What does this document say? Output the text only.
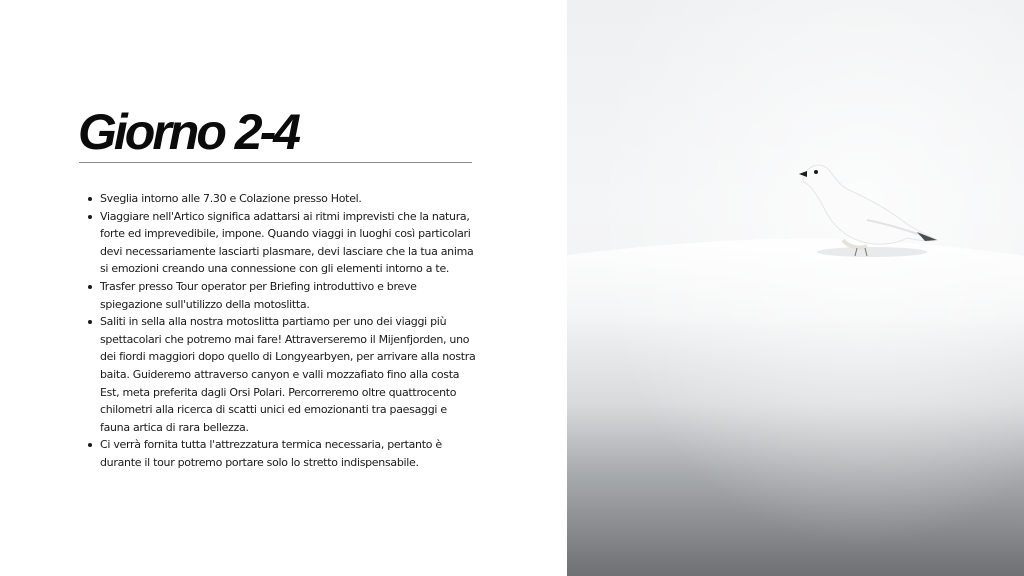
Giorno 2-4
Sveglia intorno alle 7.30 e Colazione presso Hotel.
Viaggiare nell'Artico significa adattarsi ai ritmi imprevisti che la natura, forte ed imprevedibile, impone. Quando viaggi in luoghi così particolari devi necessariamente lasciarti plasmare, devi lasciare che la tua anima si emozioni creando una connessione con gli elementi intorno a te.
Trasfer presso Tour operator per Briefing introduttivo e breve spiegazione sull'utilizzo della motoslitta.
Saliti in sella alla nostra motoslitta partiamo per uno dei viaggi più spettacolari che potremo mai fare! Attraverseremo il Mijenfjorden, uno dei fiordi maggiori dopo quello di Longyearbyen, per arrivare alla nostra baita. Guideremo attraverso canyon e valli mozzafiato fino alla costa Est, meta preferita dagli Orsi Polari. Percorreremo oltre quattrocento chilometri alla ricerca di scatti unici ed emozionanti tra paesaggi e fauna artica di rara bellezza.
Ci verrà fornita tutta l'attrezzatura termica necessaria, pertanto è durante il tour potremo portare solo lo stretto indispensabile.
